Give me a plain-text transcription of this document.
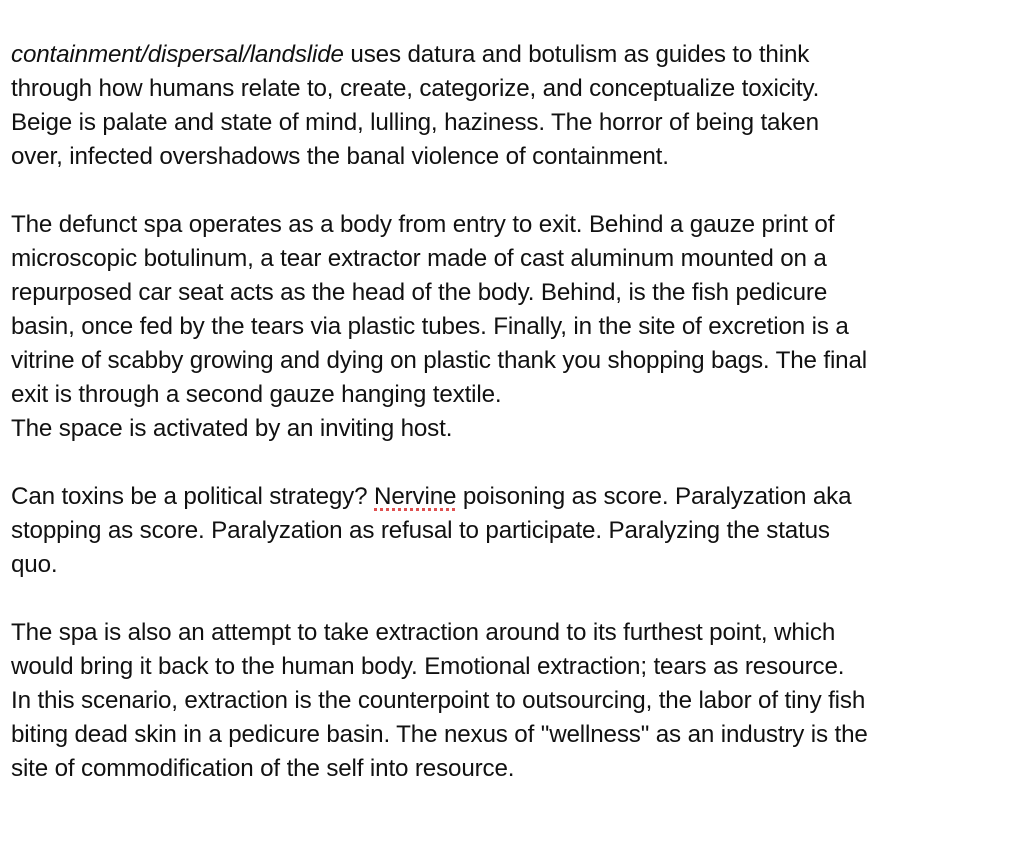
containment/dispersal/landslide uses datura and botulism as guides to think
through how humans relate to, create, categorize, and conceptualize toxicity.
Beige is palate and state of mind, lulling, haziness. The horror of being taken
over, infected overshadows the banal violence of containment.

The defunct spa operates as a body from entry to exit. Behind a gauze print of
microscopic botulinum, a tear extractor made of cast aluminum mounted on a
repurposed car seat acts as the head of the body. Behind, is the fish pedicure
basin, once fed by the tears via plastic tubes. Finally, in the site of excretion is a
vitrine of scabby growing and dying on plastic thank you shopping bags. The final
exit is through a second gauze hanging textile.

The space is activated by an inviting host.

Can toxins be a political strategy? Nervine poisoning as score. Paralyzation aka
stopping as score. Paralyzation as refusal to participate. Paralyzing the status
quo.

The spa is also an attempt to take extraction around to its furthest point, which
would bring it back to the human body. Emotional extraction; tears as resource.
In this scenario, extraction is the counterpoint to outsourcing, the labor of tiny fish
biting dead skin in a pedicure basin. The nexus of "wellness" as an industry is the
site of commodification of the self into resource.
